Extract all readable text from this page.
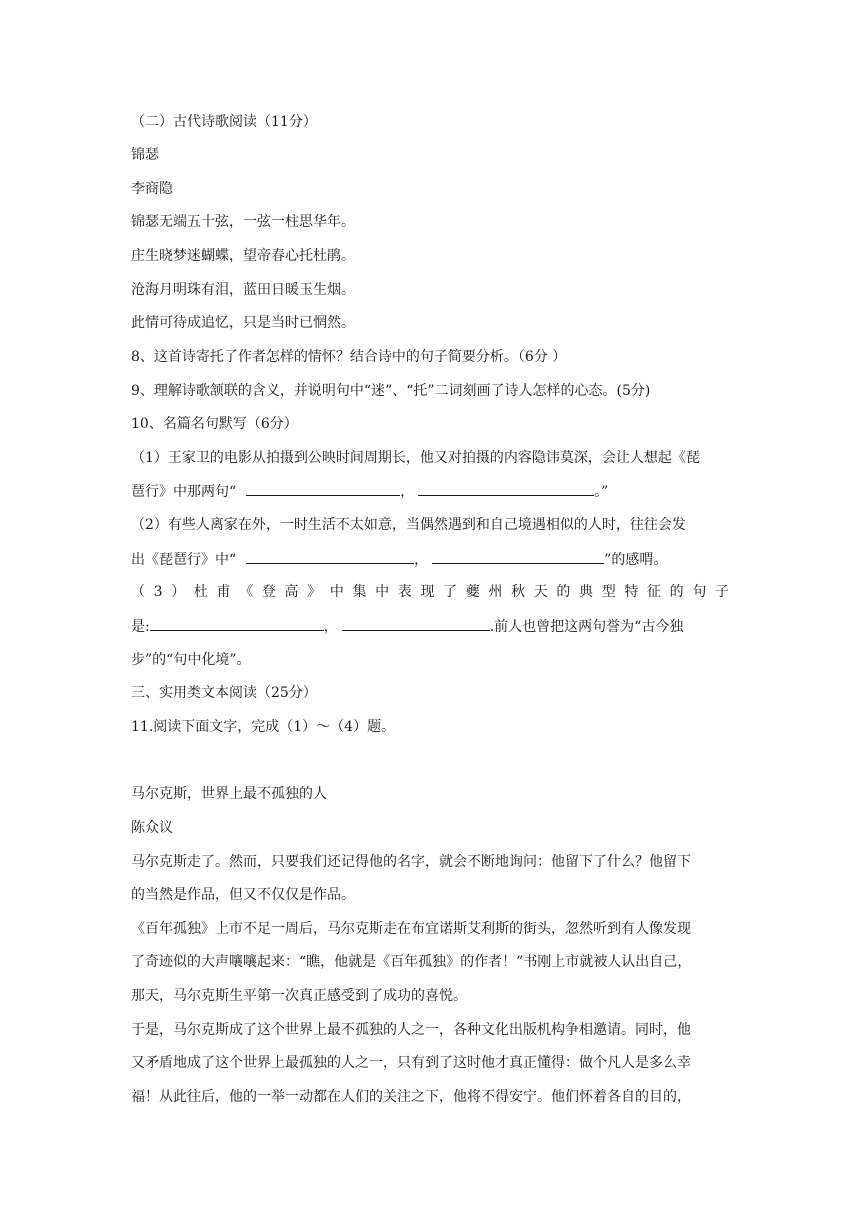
（二）古代诗歌阅读（11分）
锦瑟
李商隐
锦瑟无端五十弦，一弦一柱思华年。
庄生晓梦迷蝴蝶，望帝春心托杜鹃。
沧海月明珠有泪，蓝田日暖玉生烟。
此情可待成追忆，只是当时已惘然。
8、这首诗寄托了作者怎样的情怀？结合诗中的句子简要分析。（6分 ）
9、理解诗歌颔联的含义，并说明句中“迷”、“托”二词刻画了诗人怎样的心态。(5分)
10、名篇名句默写（6分）
（1）王家卫的电影从拍摄到公映时间周期长，他又对拍摄的内容隐讳莫深，会让人想起《琵
琶行》中那两句“	，	。”
（2）有些人离家在外，一时生活不太如意，当偶然遇到和自己境遇相似的人时，往往会发
出《琵琶行》中“	，	”的感喟。
（ 3 ） 杜 甫 《 登 高 》 中 集 中 表 现 了 夔 州 秋 天 的 典 型 特 征 的 句 子
是:	，	.前人也曾把这两句誉为“古今独
步”的“句中化境”。
三、实用类文本阅读（25分）
11.阅读下面文字，完成（1）～（4）题。
马尔克斯，世界上最不孤独的人
陈众议
马尔克斯走了。然而，只要我们还记得他的名字，就会不断地询问：他留下了什么？他留下
的当然是作品，但又不仅仅是作品。
《百年孤独》上市不足一周后，马尔克斯走在布宜诺斯艾利斯的街头，忽然听到有人像发现
了奇迹似的大声嚷嚷起来：“瞧，他就是《百年孤独》的作者！”书刚上市就被人认出自己，
那天，马尔克斯生平第一次真正感受到了成功的喜悦。
于是，马尔克斯成了这个世界上最不孤独的人之一，各种文化出版机构争相邀请。同时，他
又矛盾地成了这个世界上最孤独的人之一，只有到了这时他才真正懂得：做个凡人是多么幸
福！从此往后，他的一举一动都在人们的关注之下，他将不得安宁。他们怀着各自的目的，
